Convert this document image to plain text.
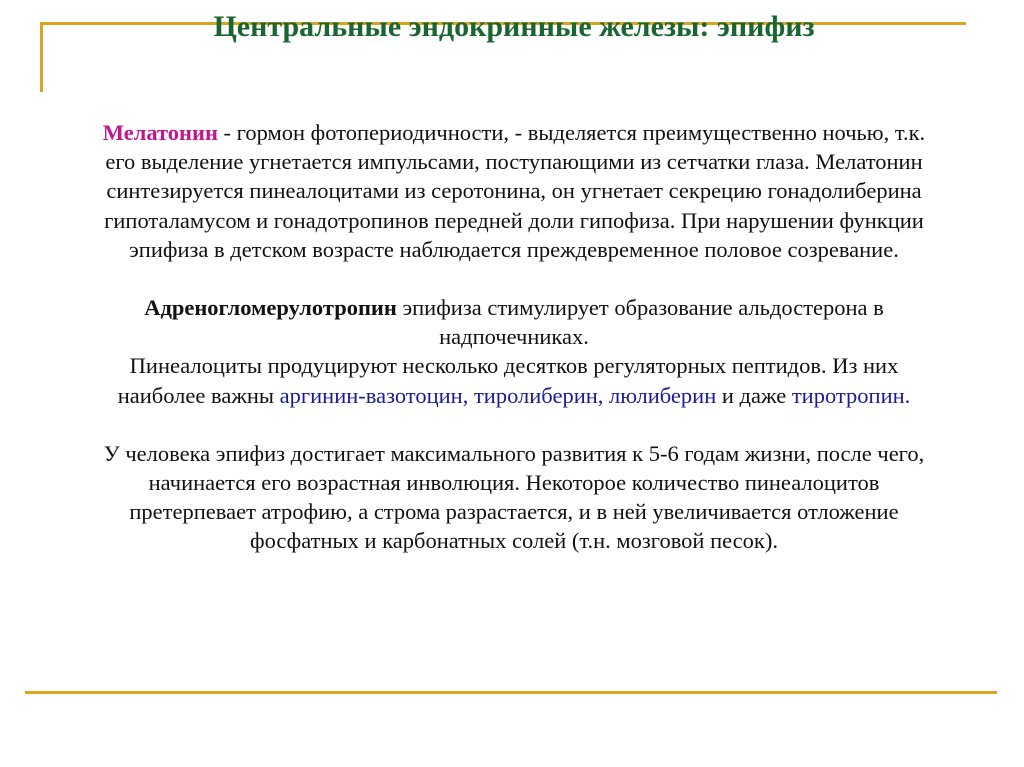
Центральные эндокринные железы: эпифиз

Мелатонин - гормон фотопериодичности, - выделяется преимущественно ночью, т.к.

его выделение угнетается импульсами, поступающими из сетчатки глаза. Мелатонин

синтезируется пинеалоцитами из серотонина, он угнетает секрецию гонадолиберина

гипоталамусом и гонадотропинов передней доли гипофиза. При нарушении функции

эпифиза в детском возрасте наблюдается преждевременное половое созревание.

Адреногломерулотропин эпифиза стимулирует образование альдостерона в

надпочечниках.

Пинеалоциты продуцируют несколько десятков регуляторных пептидов. Из них

наиболее важны аргинин-вазотоцин, тиролиберин, люлиберин и даже тиротропин.

У человека эпифиз достигает максимального развития к 5-6 годам жизни, после чего,

начинается его возрастная инволюция. Некоторое количество пинеалоцитов

претерпевает атрофию, а строма разрастается, и в ней увеличивается отложение

фосфатных и карбонатных солей (т.н. мозговой песок).
